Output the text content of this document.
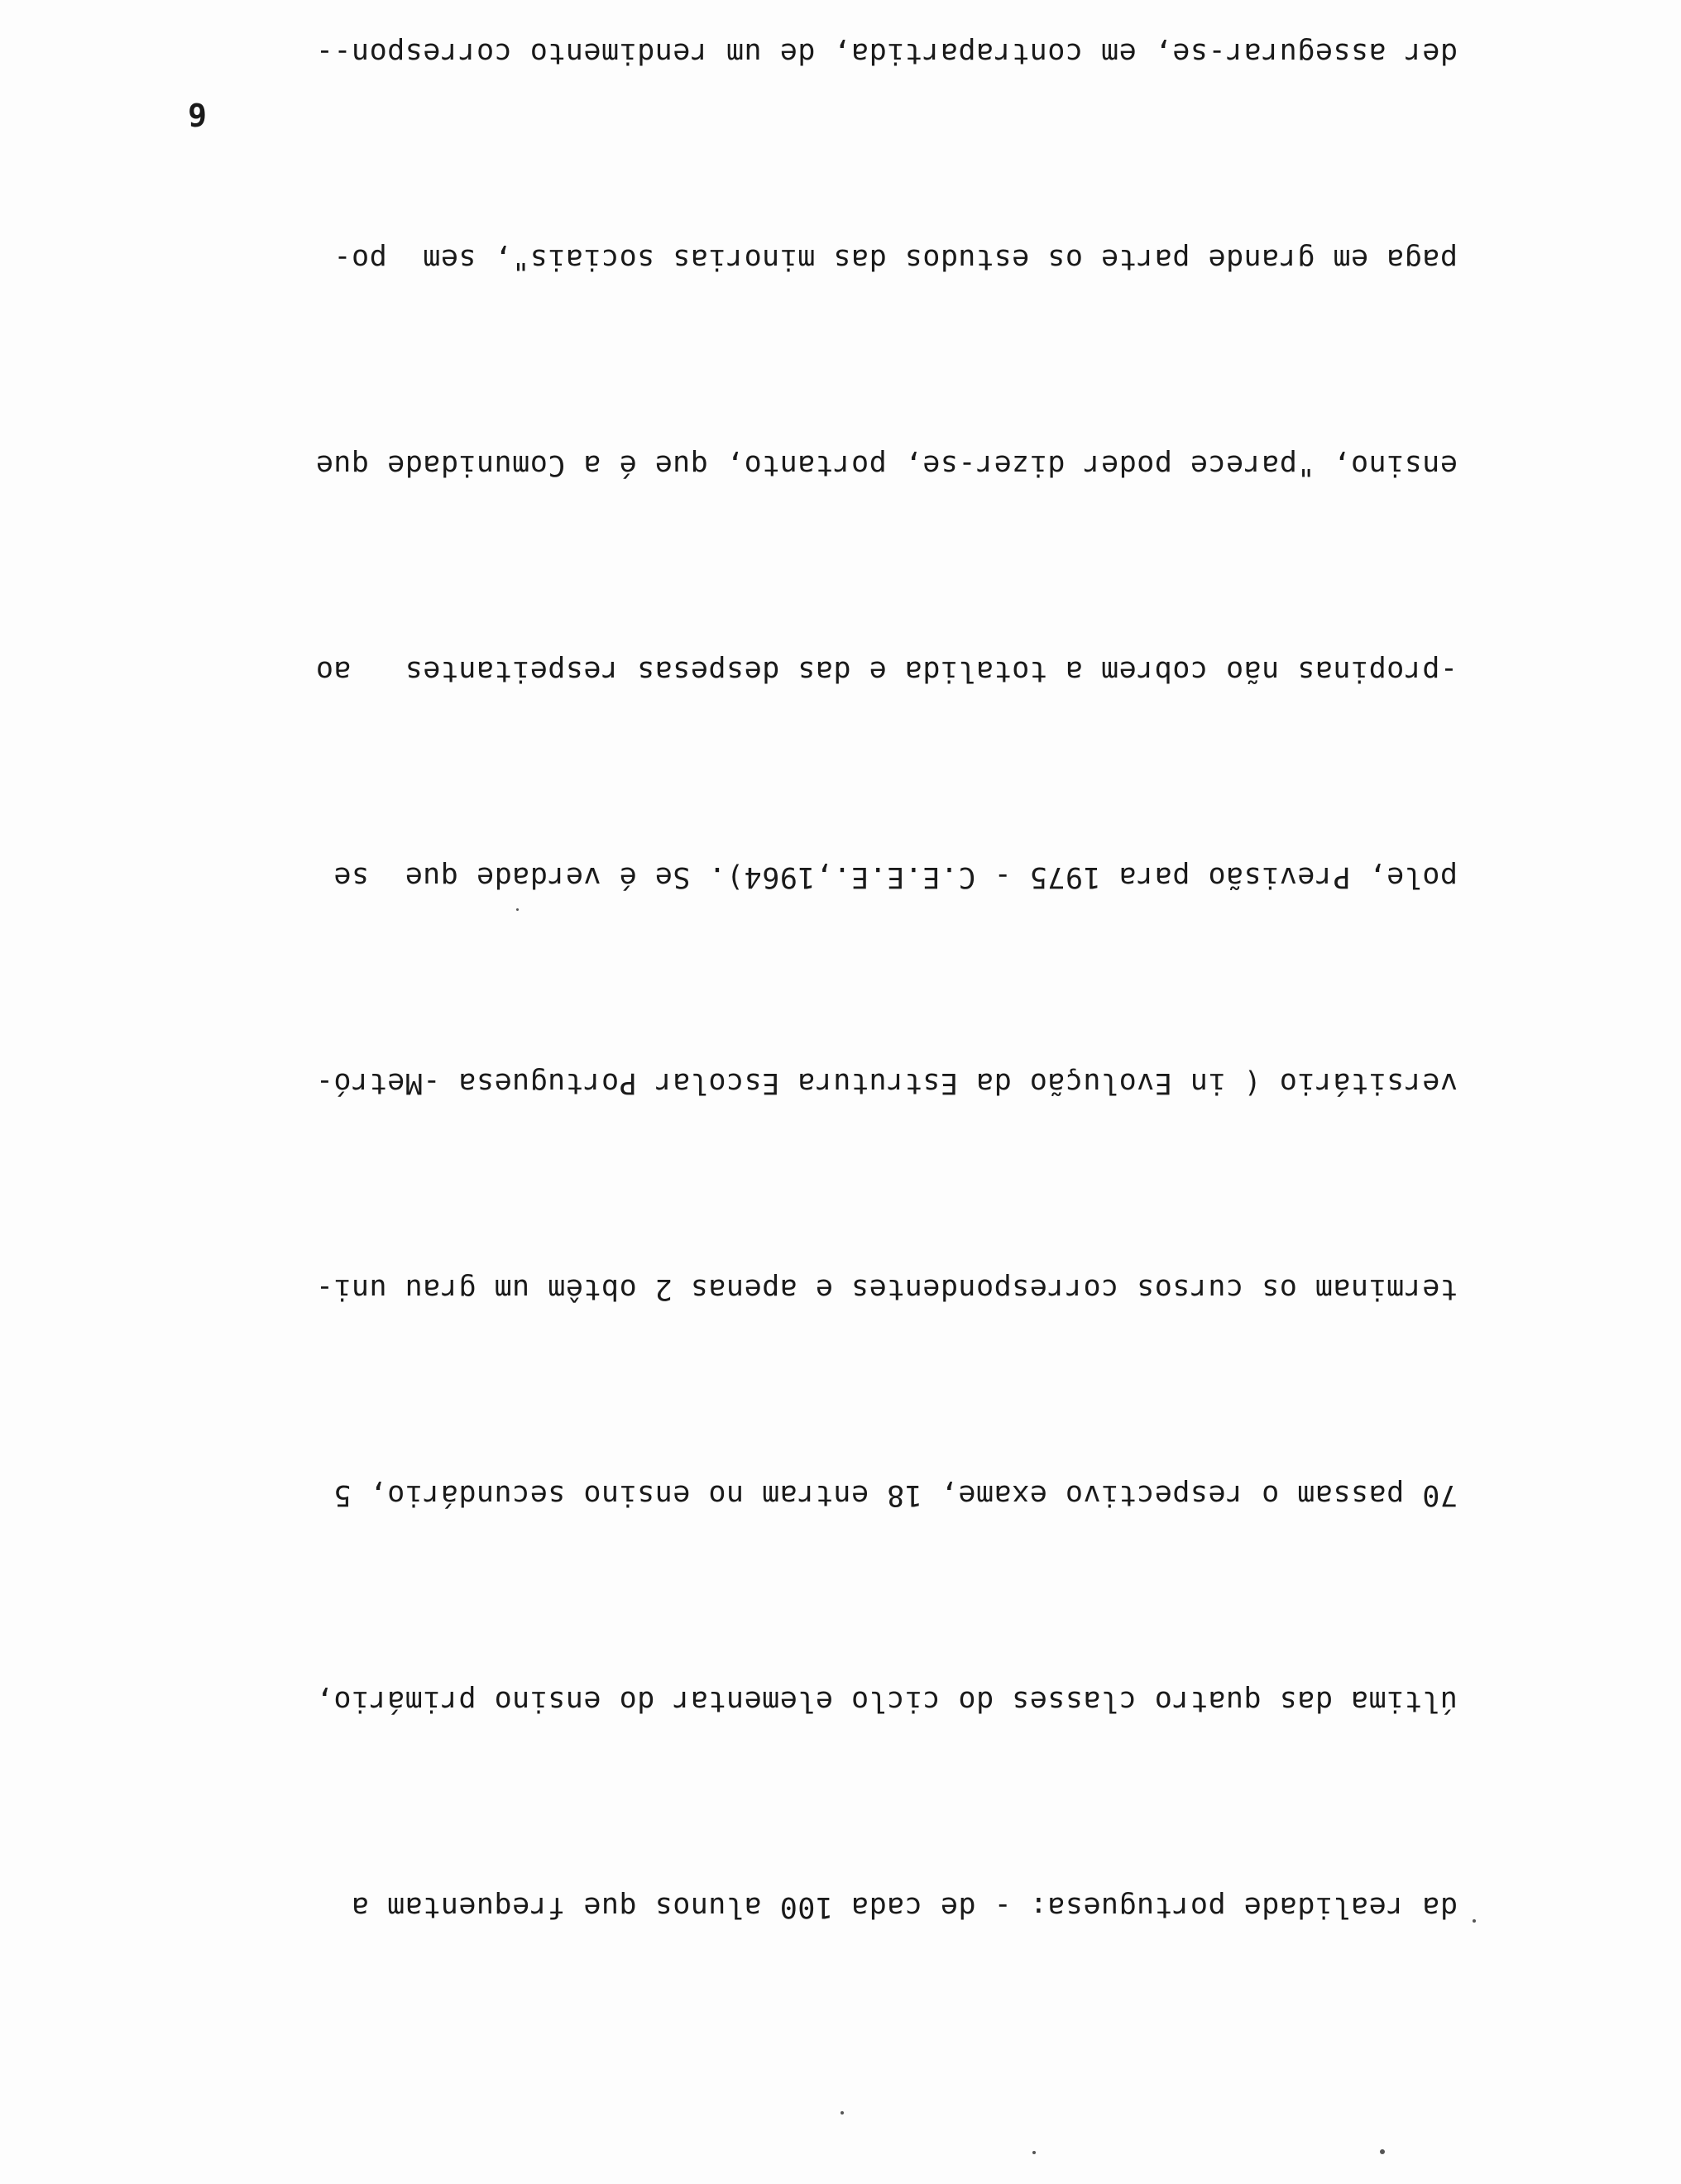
da realidade portuguesa: - de cada 100 alunos que frequentam a

última das quatro classes do ciclo elementar do ensino primário,

70 passam o respectivo exame, 18 entram no ensino secundário, 5

terminam os cursos correspondentes e apenas 2 obtêm um grau uni-

versitário ( in Evolução da Estrutura Escolar Portuguesa -Metró-

pole, Previsão para 1975 - C.E.E.E.,1964). Se é verdade que  se

-propinas não cobrem a totalida e das despesas respeitantes   ao

ensino, "parece poder dizer-se, portanto, que é a Comunidade que

paga em grande parte os estudos das minorias sociais", sem  po-

der assegurar-se, em contrapartida, de um rendimento correspon--

6
